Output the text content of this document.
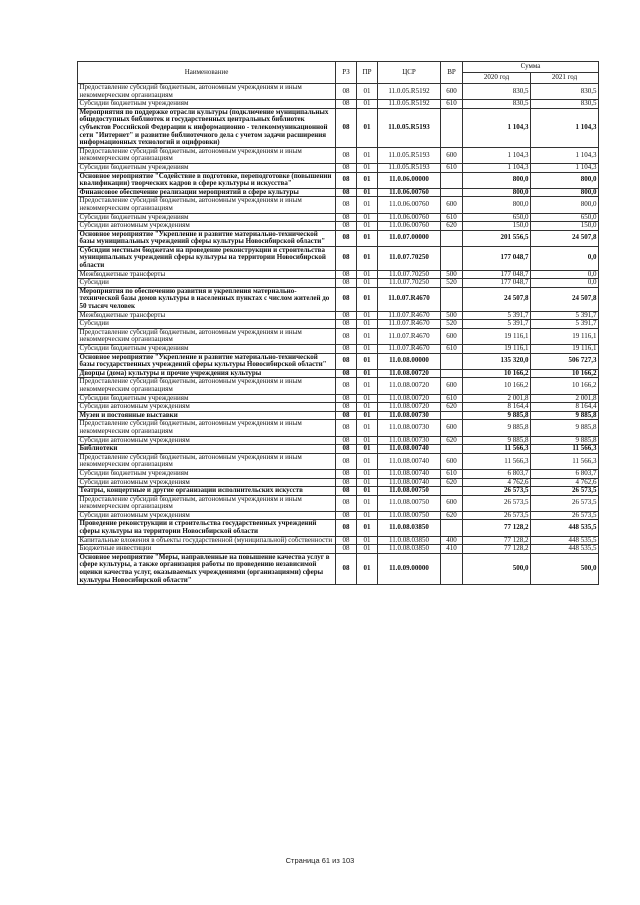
Наименование	РЗ	ПР	ЦСР	ВР	Сумма	
					2020 год	2021 год
Предоставление субсидий бюджетным, автономным учреждениям и иным некоммерческим организациям	08	01	11.0.05.R5192	600	830,5	830,5
Субсидии бюджетным учреждениям	08	01	11.0.05.R5192	610	830,5	830,5
Мероприятия по поддержке отрасли культуры (подключение муниципальных общедоступных библиотек и государственных центральных библиотек субъектов Российской Федерации к информационно - телекоммуникационной сети "Интернет" и развитие библиотечного дела с учетом задачи расширения информационных технологий и оцифровки)	08	01	11.0.05.R5193		1 104,3	1 104,3
Предоставление субсидий бюджетным, автономным учреждениям и иным некоммерческим организациям	08	01	11.0.05.R5193	600	1 104,3	1 104,3
Субсидии бюджетным учреждениям	08	01	11.0.05.R5193	610	1 104,3	1 104,3
Основное мероприятие "Содействие в подготовке, переподготовке (повышении квалификации) творческих кадров в сфере культуры и искусства"	08	01	11.0.06.00000		800,0	800,0
Финансовое обеспечение реализации мероприятий в сфере культуры	08	01	11.0.06.00760		800,0	800,0
Предоставление субсидий бюджетным, автономным учреждениям и иным некоммерческим организациям	08	01	11.0.06.00760	600	800,0	800,0
Субсидии бюджетным учреждениям	08	01	11.0.06.00760	610	650,0	650,0
Субсидии автономным учреждениям	08	01	11.0.06.00760	620	150,0	150,0
Основное мероприятие "Укрепление и развитие материально-технической базы муниципальных учреждений сферы культуры Новосибирской области"	08	01	11.0.07.00000		201 556,5	24 507,8
Субсидии местным бюджетам на проведение реконструкции и строительства муниципальных учреждений сферы культуры на территории Новосибирской области	08	01	11.0.07.70250		177 048,7	0,0
Межбюджетные трансферты	08	01	11.0.07.70250	500	177 048,7	0,0
Субсидии	08	01	11.0.07.70250	520	177 048,7	0,0
Мероприятия по обеспечению развития и укрепления материально-технической базы домов культуры в населенных пунктах с числом жителей до 50 тысяч человек	08	01	11.0.07.R4670		24 507,8	24 507,8
Межбюджетные трансферты	08	01	11.0.07.R4670	500	5 391,7	5 391,7
Субсидии	08	01	11.0.07.R4670	520	5 391,7	5 391,7
Предоставление субсидий бюджетным, автономным учреждениям и иным некоммерческим организациям	08	01	11.0.07.R4670	600	19 116,1	19 116,1
Субсидии бюджетным учреждениям	08	01	11.0.07.R4670	610	19 116,1	19 116,1
Основное мероприятие "Укрепление и развитие материально-технической базы государственных учреждений сферы культуры Новосибирской области"	08	01	11.0.08.00000		135 320,0	506 727,3
Дворцы (дома) культуры и прочие учреждения культуры	08	01	11.0.08.00720		10 166,2	10 166,2
Предоставление субсидий бюджетным, автономным учреждениям и иным некоммерческим организациям	08	01	11.0.08.00720	600	10 166,2	10 166,2
Субсидии бюджетным учреждениям	08	01	11.0.08.00720	610	2 001,8	2 001,8
Субсидии автономным учреждениям	08	01	11.0.08.00720	620	8 164,4	8 164,4
Музеи и постоянные выставки	08	01	11.0.08.00730		9 885,8	9 885,8
Предоставление субсидий бюджетным, автономным учреждениям и иным некоммерческим организациям	08	01	11.0.08.00730	600	9 885,8	9 885,8
Субсидии автономным учреждениям	08	01	11.0.08.00730	620	9 885,8	9 885,8
Библиотеки	08	01	11.0.08.00740		11 566,3	11 566,3
Предоставление субсидий бюджетным, автономным учреждениям и иным некоммерческим организациям	08	01	11.0.08.00740	600	11 566,3	11 566,3
Субсидии бюджетным учреждениям	08	01	11.0.08.00740	610	6 803,7	6 803,7
Субсидии автономным учреждениям	08	01	11.0.08.00740	620	4 762,6	4 762,6
Театры, концертные и другие организации исполнительских искусств	08	01	11.0.08.00750		26 573,5	26 573,5
Предоставление субсидий бюджетным, автономным учреждениям и иным некоммерческим организациям	08	01	11.0.08.00750	600	26 573,5	26 573,5
Субсидии автономным учреждениям	08	01	11.0.08.00750	620	26 573,5	26 573,5
Проведение реконструкции и строительства государственных учреждений сферы культуры на территории Новосибирской области	08	01	11.0.08.03850		77 128,2	448 535,5
Капитальные вложения в объекты государственной (муниципальной) собственности	08	01	11.0.08.03850	400	77 128,2	448 535,5
Бюджетные инвестиции	08	01	11.0.08.03850	410	77 128,2	448 535,5
Основное мероприятие "Меры, направленные на повышение качества услуг в сфере культуры, а также организация работы по проведению независимой оценки качества услуг, оказываемых учреждениями (организациями) сферы культуры Новосибирской области"	08	01	11.0.09.00000		500,0	500,0
Страница 61 из 103
